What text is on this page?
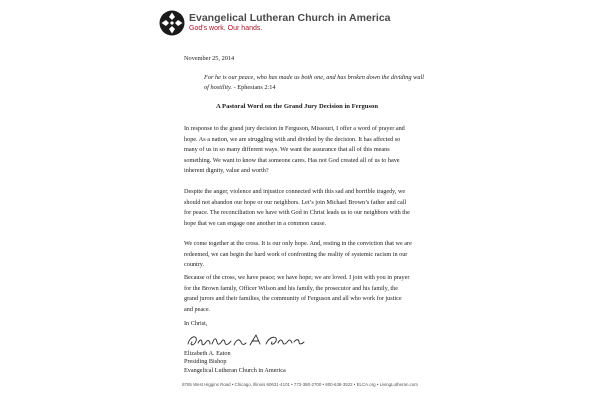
Evangelical Lutheran Church in America
God's work. Our hands.
November 25, 2014
For he is our peace, who has made us both one, and has broken down the dividing wall of hostility. - Ephesians 2:14
A Pastoral Word on the Grand Jury Decision in Ferguson

In response to the grand jury decision in Ferguson, Missouri, I offer a word of prayer and hope. As a nation, we are struggling with and divided by the decision. It has affected so many of us in so many different ways. We want the assurance that all of this means something. We want to know that someone cares. Has not God created all of us to have inherent dignity, value and worth?

Despite the anger, violence and injustice connected with this sad and horrible tragedy, we should not abandon our hope or our neighbors. Let’s join Michael Brown’s father and call for peace. The reconciliation we have with God in Christ leads us to our neighbors with the hope that we can engage one another in a common cause.

We come together at the cross. It is our only hope. And, resting in the conviction that we are redeemed, we can begin the hard work of confronting the reality of systemic racism in our country.

Because of the cross, we have peace; we have hope; we are loved. I join with you in prayer for the Brown family, Officer Wilson and his family, the prosecutor and his family, the grand jurors and their families, the community of Ferguson and all who work for justice and peace.

In Christ,
Elizabeth A. Eaton
Presiding Bishop
Evangelical Lutheran Church in America
8765 West Higgins Road • Chicago, Illinois 60631-4101 • 773-380-2700 • 800-638-3522 • ELCA.org • LivingLutheran.com
